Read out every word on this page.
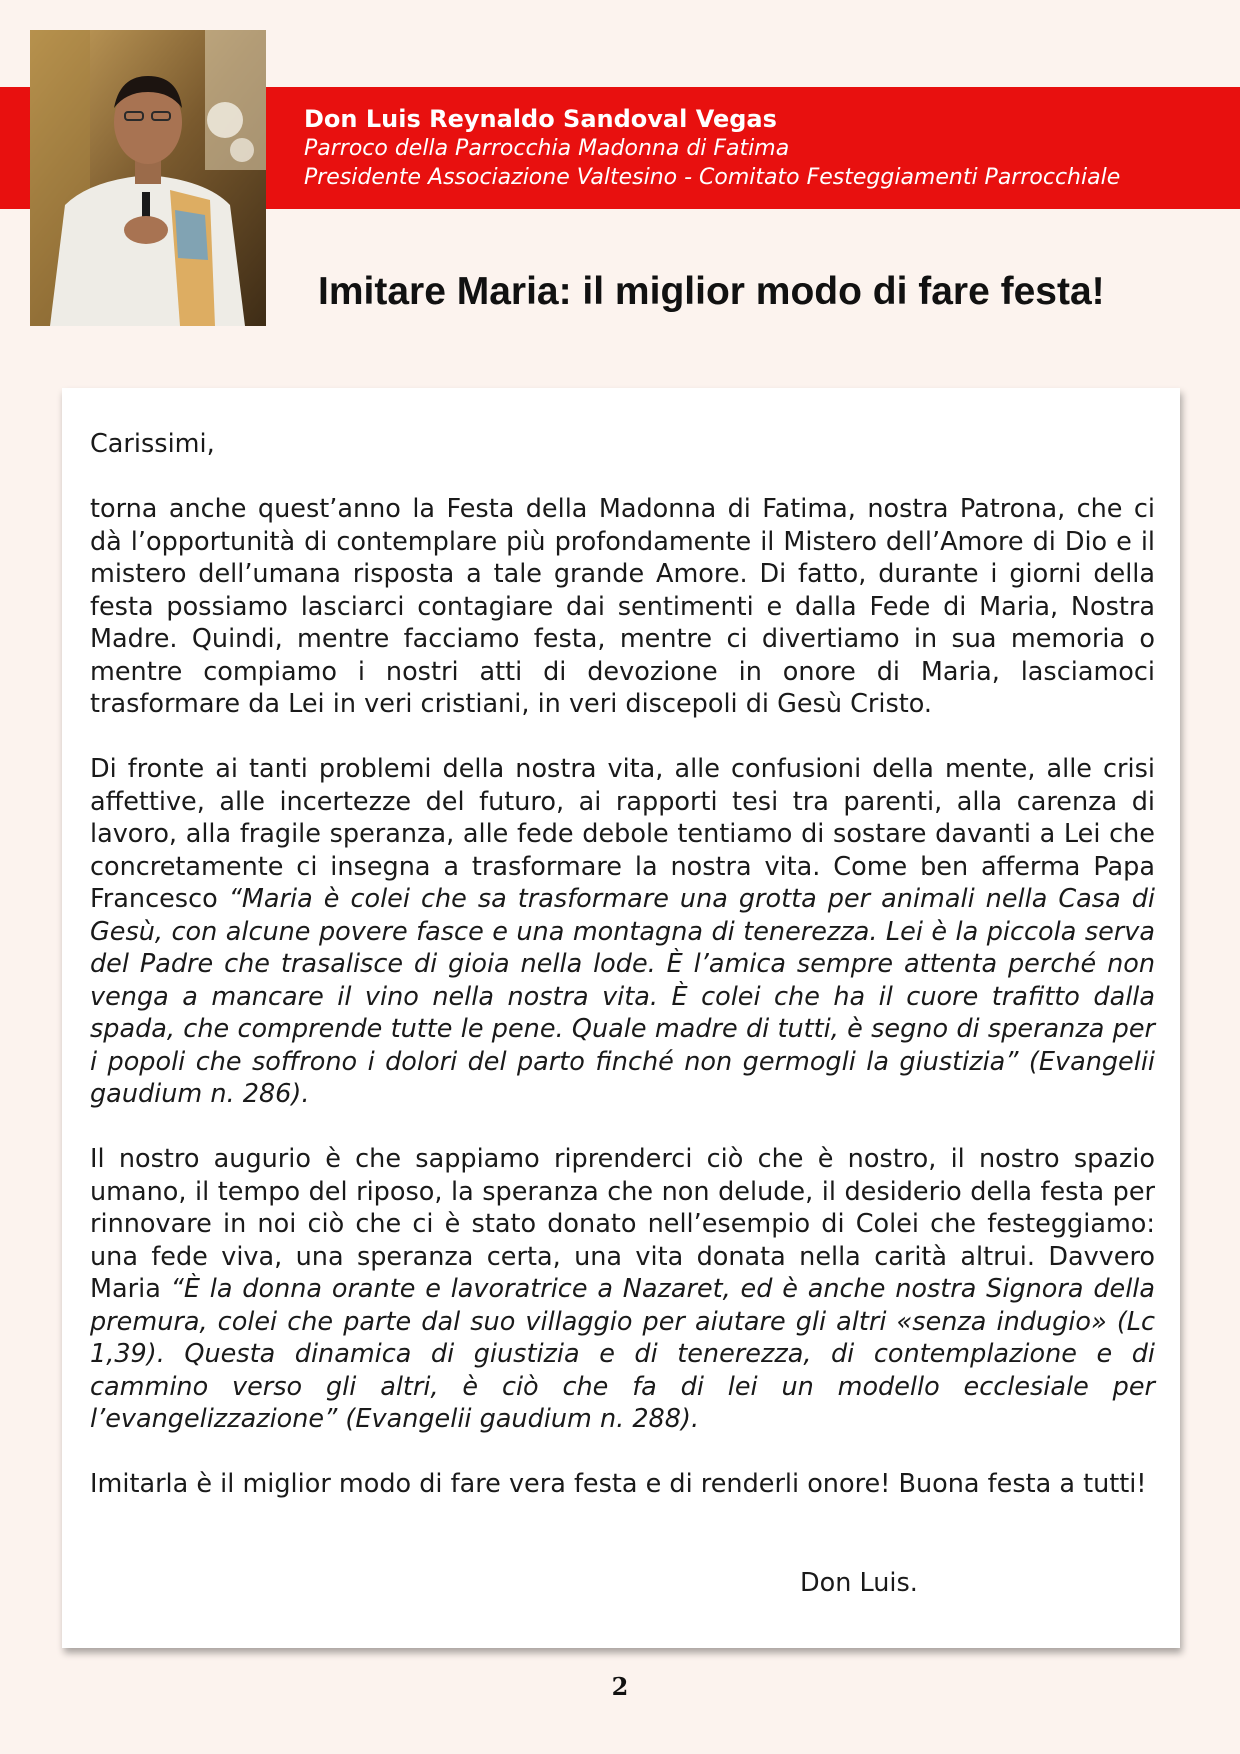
Don Luis Reynaldo Sandoval Vegas
Parroco della Parrocchia Madonna di Fatima
Presidente Associazione Valtesino - Comitato Festeggiamenti Parrocchiale
Imitare Maria: il miglior modo di fare festa!

Carissimi,

torna anche quest’anno la Festa della Madonna di Fatima, nostra Patrona, che ci dà l’opportunità di contemplare più profondamente il Mistero dell’Amore di Dio e il mistero dell’umana risposta a tale grande Amore. Di fatto, durante i giorni della festa possiamo lasciarci contagiare dai sentimenti e dalla Fede di Maria, Nostra Madre. Quindi, mentre facciamo festa, mentre ci divertiamo in sua memoria o mentre compiamo i nostri atti di devozione in onore di Maria, lasciamoci trasformare da Lei in veri cristiani, in veri discepoli di Gesù Cristo.

Di fronte ai tanti problemi della nostra vita, alle confusioni della mente, alle crisi affettive, alle incertezze del futuro, ai rapporti tesi tra parenti, alla carenza di lavoro, alla fragile speranza, alle fede debole tentiamo di sostare davanti a Lei che concretamente ci insegna a trasformare la nostra vita. Come ben afferma Papa Francesco “Maria è colei che sa trasformare una grotta per animali nella Casa di Gesù, con alcune povere fasce e una montagna di tenerezza. Lei è la piccola serva del Padre che trasalisce di gioia nella lode. È l’amica sempre attenta perché non venga a mancare il vino nella nostra vita. È colei che ha il cuore trafitto dalla spada, che comprende tutte le pene. Quale madre di tutti, è segno di speranza per i popoli che soffrono i dolori del parto finché non germogli la giustizia” (Evangelii gaudium n. 286).

Il nostro augurio è che sappiamo riprenderci ciò che è nostro, il nostro spazio umano, il tempo del riposo, la speranza che non delude, il desiderio della festa per rinnovare in noi ciò che ci è stato donato nell’esempio di Colei che festeggiamo: una fede viva, una speranza certa, una vita donata nella carità altrui. Davvero Maria “È la donna orante e lavoratrice a Nazaret, ed è anche nostra Signora della premura, colei che parte dal suo villaggio per aiutare gli altri «senza indugio» (Lc 1,39). Questa dinamica di giustizia e di tenerezza, di contemplazione e di cammino verso gli altri, è ciò che fa di lei un modello ecclesiale per l’evangelizzazione” (Evangelii gaudium n. 288).

Imitarla è il miglior modo di fare vera festa e di renderli onore! Buona festa a tutti!

Don Luis.
2
